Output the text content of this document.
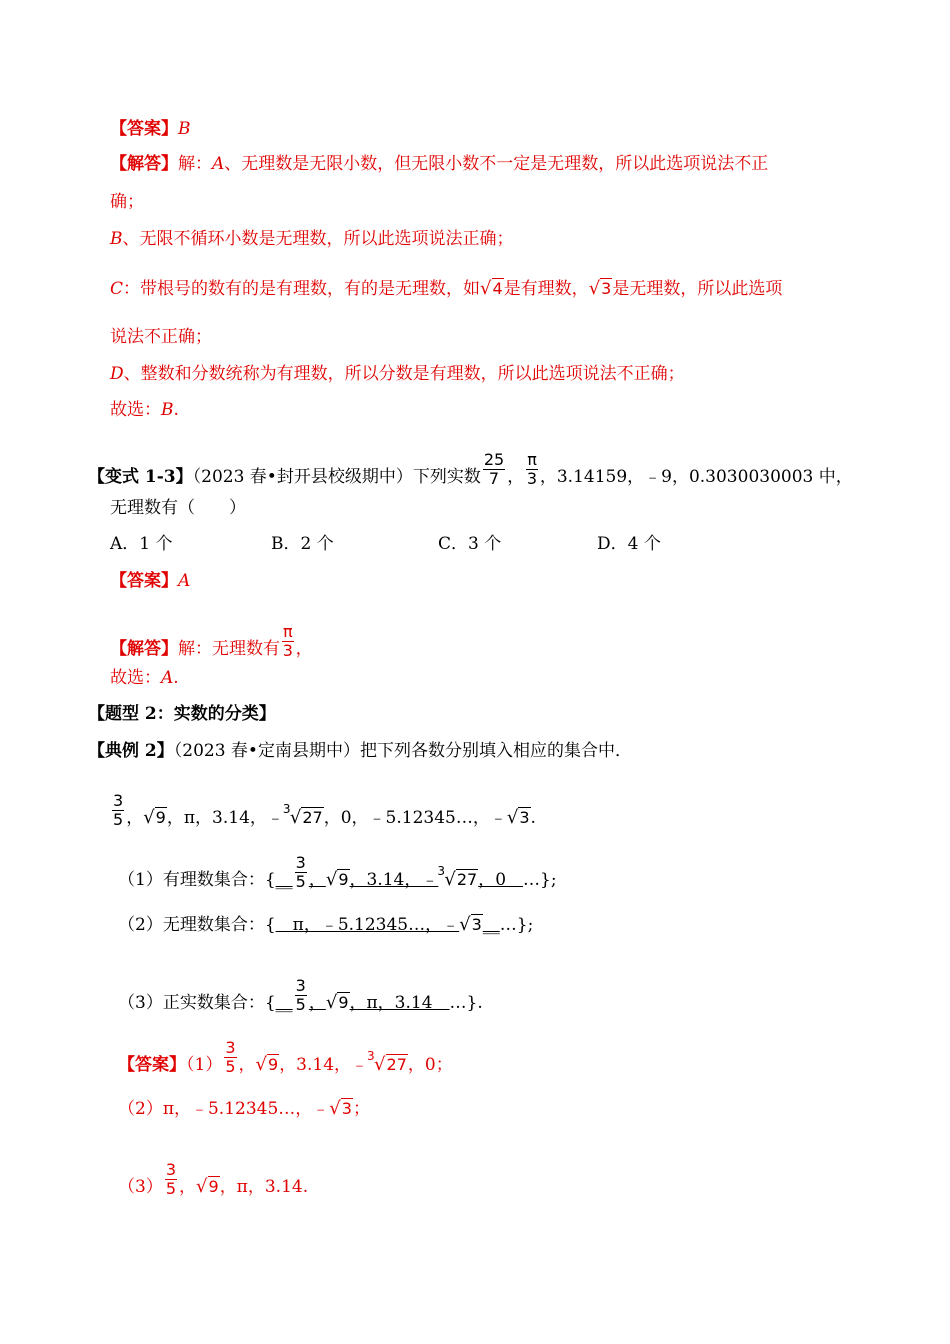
【答案】B
【解答】解：A、无理数是无限小数，但无限小数不一定是无理数，所以此选项说法不正
确；
B、无限不循环小数是无理数，所以此选项说法正确；
C：带根号的数有的是有理数，有的是无理数，如√4是有理数，√3是无理数，所以此选项
说法不正确；
D、整数和分数统称为有理数，所以分数是有理数，所以此选项说法不正确；
故选：B.
【变式 1-3】（2023 春•封开县校级期中）下列实数 $\frac{25}{7}$ ， $\frac{\pi}{3}$ ，3.14159，﹣9，0.3030030003 中，
无理数有（　　）
A．1 个	B．2 个	C．3 个	D．4 个
【答案】A
【解答】解：无理数有 $\frac{\pi}{3}$ ，
故选：A.
【题型 2：实数的分类】
【典例 2】（2023 春•定南县期中）把下列各数分别填入相应的集合中．
$\frac{3}{5}$ ，√9，π，3.14，﹣ 3 √27，0，﹣5.12345…，﹣√3.
（1）有理数集合：{__ $\frac{3}{5}$ ，√9，3.14，﹣ 3 √27，0　…};
（2）无理数集合：{　π，﹣5.12345…，﹣√3__…};
（3）正实数集合：{__ $\frac{3}{5}$ ，√9，π，3.14　…}.
【答案】$(1) \frac{3}{5}$ ，√9，3.14，﹣ 3 √27，0；
（2）π，﹣5.12345…，﹣√3；
$(3) \frac{3}{5}$ ，√9，π，3.14.
